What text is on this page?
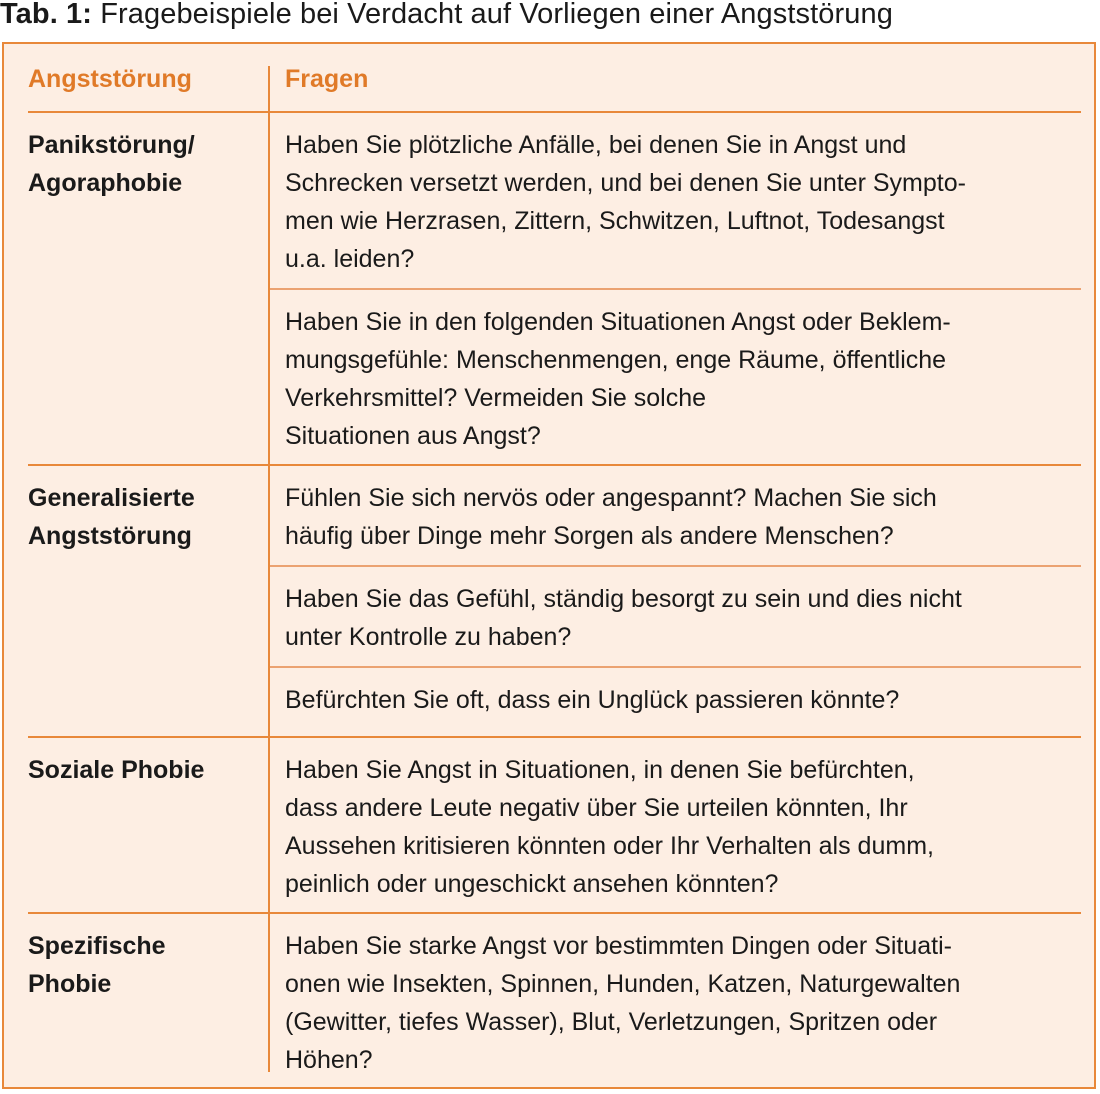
Tab. 1: Fragebeispiele bei Verdacht auf Vorliegen einer Angststörung
Angststörung	Fragen
Panikstörung/
Agoraphobie
Haben Sie plötzliche Anfälle, bei denen Sie in Angst und
Schrecken versetzt werden, und bei denen Sie unter Sympto-
men wie Herzrasen, Zittern, Schwitzen, Luftnot, Todesangst
u.a. leiden?
Haben Sie in den folgenden Situationen Angst oder Beklem-
mungsgefühle: Menschenmengen, enge Räume, öffentliche
Verkehrsmittel? Vermeiden Sie solche
Situationen aus Angst?
Generalisierte
Angststörung
Fühlen Sie sich nervös oder angespannt? Machen Sie sich
häufig über Dinge mehr Sorgen als andere Menschen?
Haben Sie das Gefühl, ständig besorgt zu sein und dies nicht
unter Kontrolle zu haben?
Befürchten Sie oft, dass ein Unglück passieren könnte?
Soziale Phobie	Haben Sie Angst in Situationen, in denen Sie befürchten,
dass andere Leute negativ über Sie urteilen könnten, Ihr
Aussehen kritisieren könnten oder Ihr Verhalten als dumm,
peinlich oder ungeschickt ansehen könnten?
Spezifische
Phobie
Haben Sie starke Angst vor bestimmten Dingen oder Situati-
onen wie Insekten, Spinnen, Hunden, Katzen, Naturgewalten
(Gewitter, tiefes Wasser), Blut, Verletzungen, Spritzen oder
Höhen?
